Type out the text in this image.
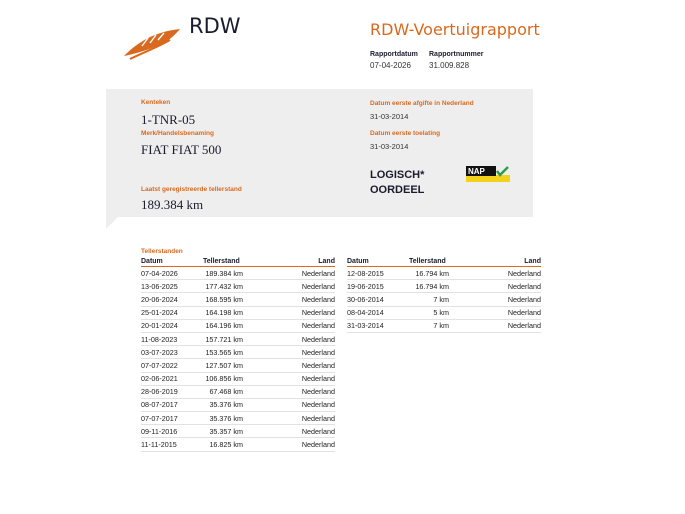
RDW	RDW-Voertuigrapport
Rapportdatum
07-04-2026
Rapportnummer
31.009.828
Kenteken
1-TNR-05
Merk/Handelsbenaming
FIAT FIAT 500
Laatst geregistreerde tellerstand
189.384 km
Datum eerste afgifte in Nederland
31-03-2014
Datum eerste toelating
31-03-2014
LOGISCH*
OORDEEL
NAP
Tellerstanden
Datum	Tellerstand	Land
07-04-2026	189.384 km	Nederland
13-06-2025	177.432 km	Nederland
20-06-2024	168.595 km	Nederland
25-01-2024	164.198 km	Nederland
20-01-2024	164.196 km	Nederland
11-08-2023	157.721 km	Nederland
03-07-2023	153.565 km	Nederland
07-07-2022	127.507 km	Nederland
02-06-2021	106.856 km	Nederland
28-06-2019	67.468 km	Nederland
08-07-2017	35.376 km	Nederland
07-07-2017	35.376 km	Nederland
09-11-2016	35.357 km	Nederland
11-11-2015	16.825 km	Nederland
Datum	Tellerstand	Land
12-08-2015	16.794 km	Nederland
19-06-2015	16.794 km	Nederland
30-06-2014	7 km	Nederland
08-04-2014	5 km	Nederland
31-03-2014	7 km	Nederland
